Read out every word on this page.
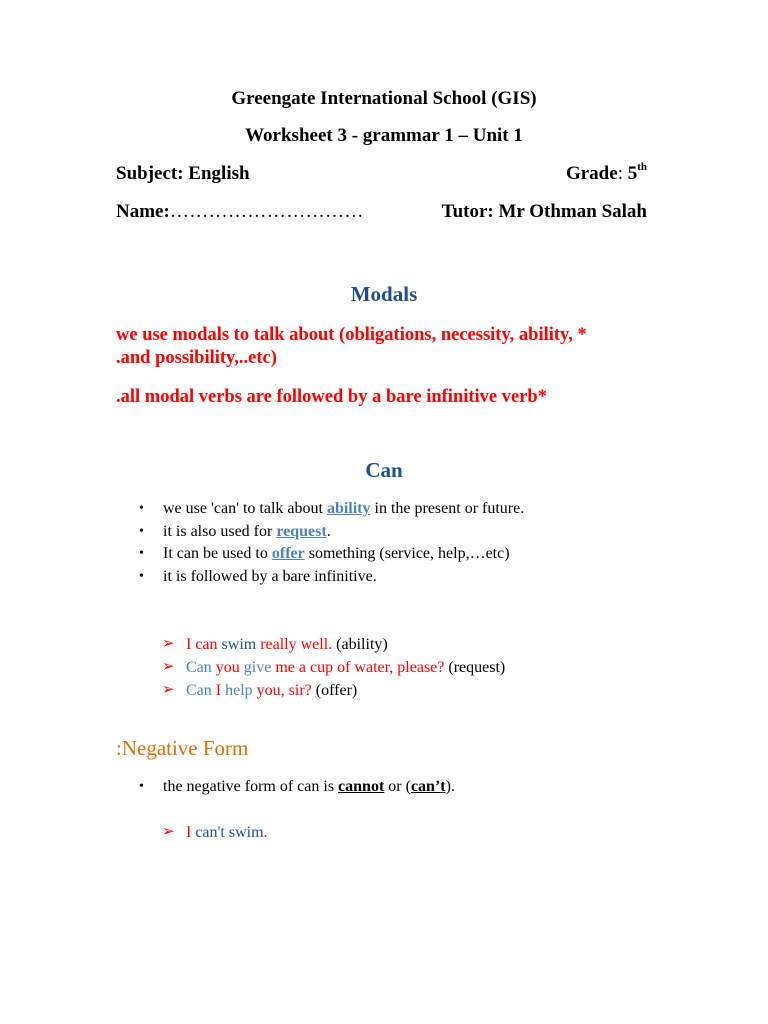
Greengate International School (GIS)
Worksheet 3 - grammar 1 – Unit 1
Subject: English	Grade: 5th
Name:…………………………	Tutor: Mr Othman Salah
Modals
we use modals to talk about (obligations, necessity, ability, *
.and possibility,..etc)
.all modal verbs are followed by a bare infinitive verb*
Can
• we use 'can' to talk about ability in the present or future.
• it is also used for request.
• It can be used to offer something (service, help,…etc)
• it is followed by a bare infinitive.
➢ I can swim really well. (ability)
➢ Can you give me a cup of water, please? (request)
➢ Can I help you, sir? (offer)
:Negative Form
• the negative form of can is cannot or (can’t).
➢ I can't swim.
